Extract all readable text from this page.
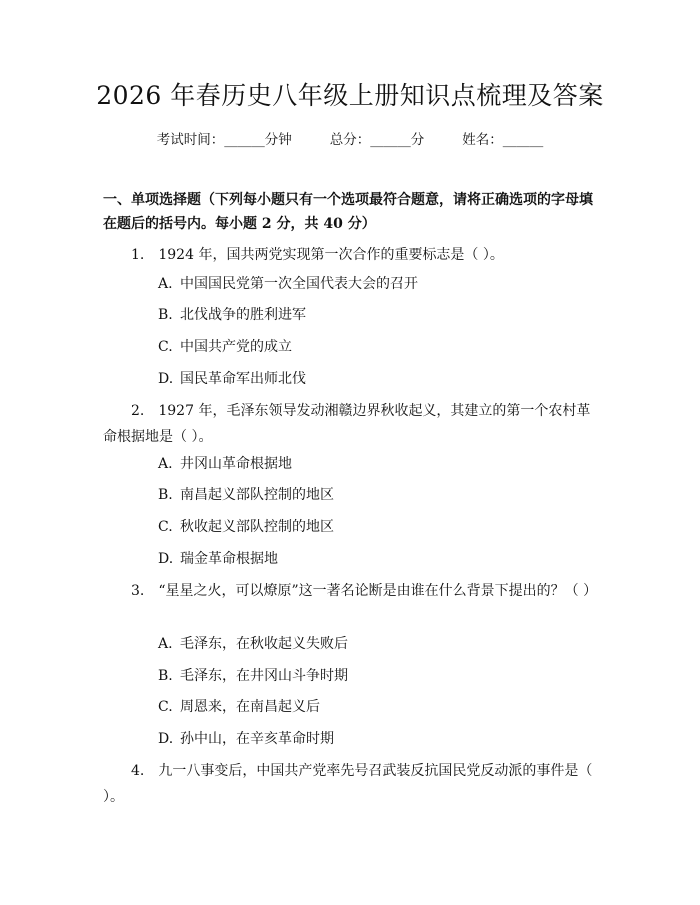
2026 年春历史八年级上册知识点梳理及答案
考试时间：______分钟	总分：______分	姓名：______
一、单项选择题（下列每小题只有一个选项最符合题意，请将正确选项的字母填在题后的括号内。每小题 2 分，共 40 分）
1. 1924 年，国共两党实现第一次合作的重要标志是（ ）。
A. 中国国民党第一次全国代表大会的召开
B. 北伐战争的胜利进军
C. 中国共产党的成立
D. 国民革命军出师北伐
2. 1927 年，毛泽东领导发动湘赣边界秋收起义，其建立的第一个农村革命根据地是（ ）。
A. 井冈山革命根据地
B. 南昌起义部队控制的地区
C. 秋收起义部队控制的地区
D. 瑞金革命根据地
3. “星星之火，可以燎原”这一著名论断是由谁在什么背景下提出的？（ ）
A. 毛泽东，在秋收起义失败后
B. 毛泽东，在井冈山斗争时期
C. 周恩来，在南昌起义后
D. 孙中山，在辛亥革命时期
4. 九一八事变后，中国共产党率先号召武装反抗国民党反动派的事件是（ ）。
